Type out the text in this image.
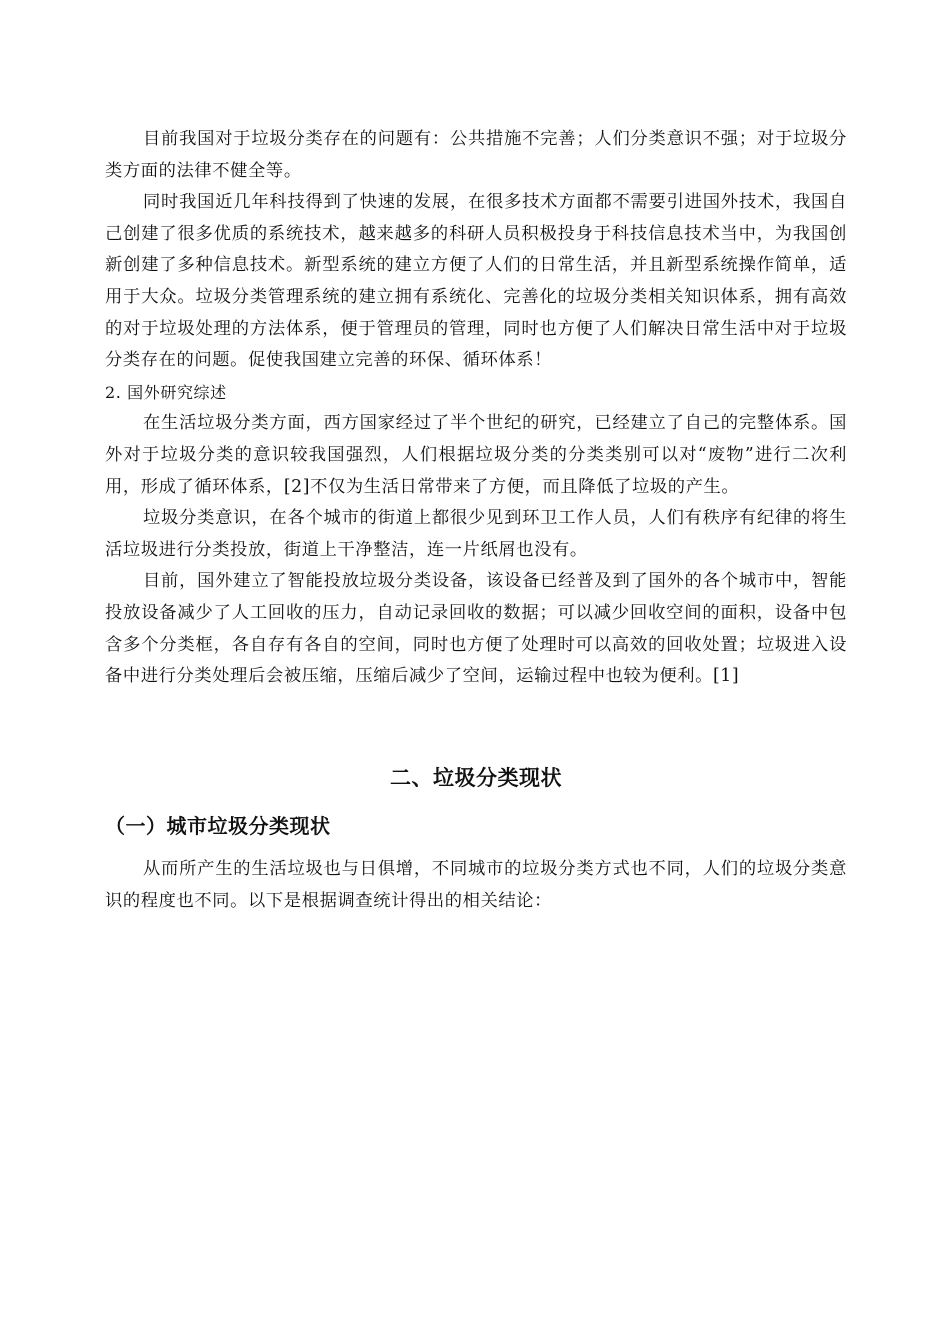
目前我国对于垃圾分类存在的问题有：公共措施不完善；人们分类意识不强；对于垃圾分类方面的法律不健全等。

同时我国近几年科技得到了快速的发展，在很多技术方面都不需要引进国外技术，我国自己创建了很多优质的系统技术，越来越多的科研人员积极投身于科技信息技术当中，为我国创新创建了多种信息技术。新型系统的建立方便了人们的日常生活，并且新型系统操作简单，适用于大众。垃圾分类管理系统的建立拥有系统化、完善化的垃圾分类相关知识体系，拥有高效的对于垃圾处理的方法体系，便于管理员的管理，同时也方便了人们解决日常生活中对于垃圾分类存在的问题。促使我国建立完善的环保、循环体系！

2. 国外研究综述

在生活垃圾分类方面，西方国家经过了半个世纪的研究，已经建立了自己的完整体系。国外对于垃圾分类的意识较我国强烈，人们根据垃圾分类的分类类别可以对“废物”进行二次利用，形成了循环体系，[2]不仅为生活日常带来了方便，而且降低了垃圾的产生。

垃圾分类意识，在各个城市的街道上都很少见到环卫工作人员，人们有秩序有纪律的将生活垃圾进行分类投放，街道上干净整洁，连一片纸屑也没有。

目前，国外建立了智能投放垃圾分类设备，该设备已经普及到了国外的各个城市中，智能投放设备减少了人工回收的压力，自动记录回收的数据；可以减少回收空间的面积，设备中包含多个分类框，各自存有各自的空间，同时也方便了处理时可以高效的回收处置；垃圾进入设备中进行分类处理后会被压缩，压缩后减少了空间，运输过程中也较为便利。[1]

二、垃圾分类现状
（一）城市垃圾分类现状

从而所产生的生活垃圾也与日俱增，不同城市的垃圾分类方式也不同，人们的垃圾分类意识的程度也不同。以下是根据调查统计得出的相关结论：
